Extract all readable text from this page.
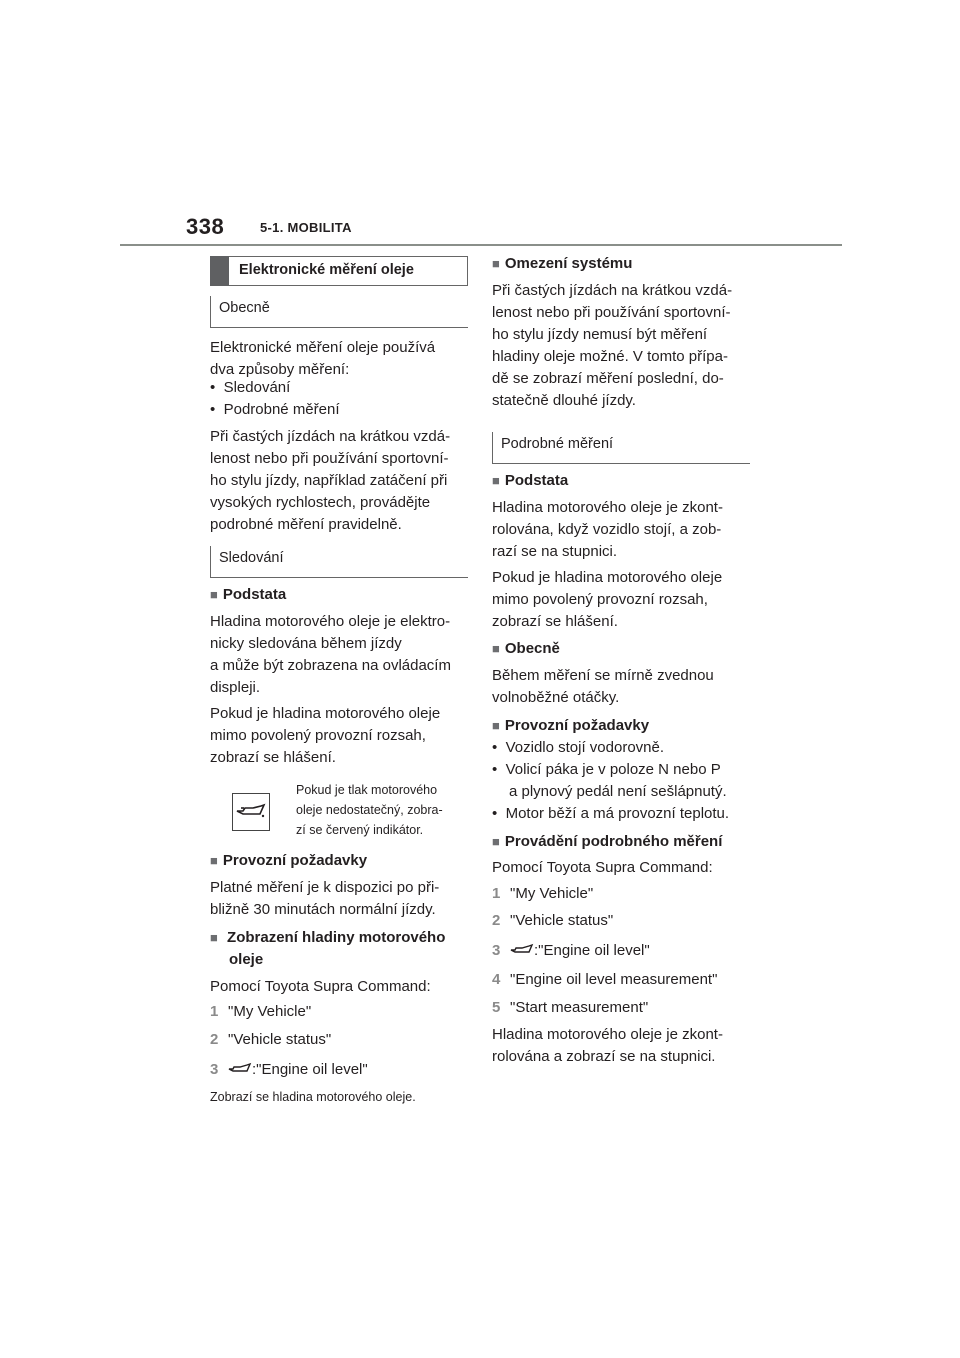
338	5-1. MOBILITA
Elektronické měření oleje
Obecně
Elektronické měření oleje používá
dva způsoby měření:
•  Sledování
•  Podrobné měření
Při častých jízdách na krátkou vzdá-
lenost nebo při používání sportovní-
ho stylu jízdy, například zatáčení při
vysokých rychlostech, provádějte
podrobné měření pravidelně.
Sledování
■ Podstata
Hladina motorového oleje je elektro-
nicky sledována během jízdy
a může být zobrazena na ovládacím
displeji.
Pokud je hladina motorového oleje
mimo povolený provozní rozsah,
zobrazí se hlášení.
Pokud je tlak motorového
oleje nedostatečný, zobra-
zí se červený indikátor.
■ Provozní požadavky
Platné měření je k dispozici po při-
bližně 30 minutách normální jízdy.
■ Zobrazení hladiny motorového
oleje
Pomocí Toyota Supra Command:
1 "My Vehicle"
2 "Vehicle status"
3 :"Engine oil level"
Zobrazí se hladina motorového oleje.
■ Omezení systému
Při častých jízdách na krátkou vzdá-
lenost nebo při používání sportovní-
ho stylu jízdy nemusí být měření
hladiny oleje možné. V tomto přípa-
dě se zobrazí měření poslední, do-
statečně dlouhé jízdy.
Podrobné měření
■ Podstata
Hladina motorového oleje je zkont-
rolována, když vozidlo stojí, a zob-
razí se na stupnici.
Pokud je hladina motorového oleje
mimo povolený provozní rozsah,
zobrazí se hlášení.
■ Obecně
Během měření se mírně zvednou
volnoběžné otáčky.
■ Provozní požadavky
•  Vozidlo stojí vodorovně.
•  Volicí páka je v poloze N nebo P
a plynový pedál není sešlápnutý.
•  Motor běží a má provozní teplotu.
■ Provádění podrobného měření
Pomocí Toyota Supra Command:
1 "My Vehicle"
2 "Vehicle status"
3 :"Engine oil level"
4 "Engine oil level measurement"
5 "Start measurement"
Hladina motorového oleje je zkont-
rolována a zobrazí se na stupnici.
